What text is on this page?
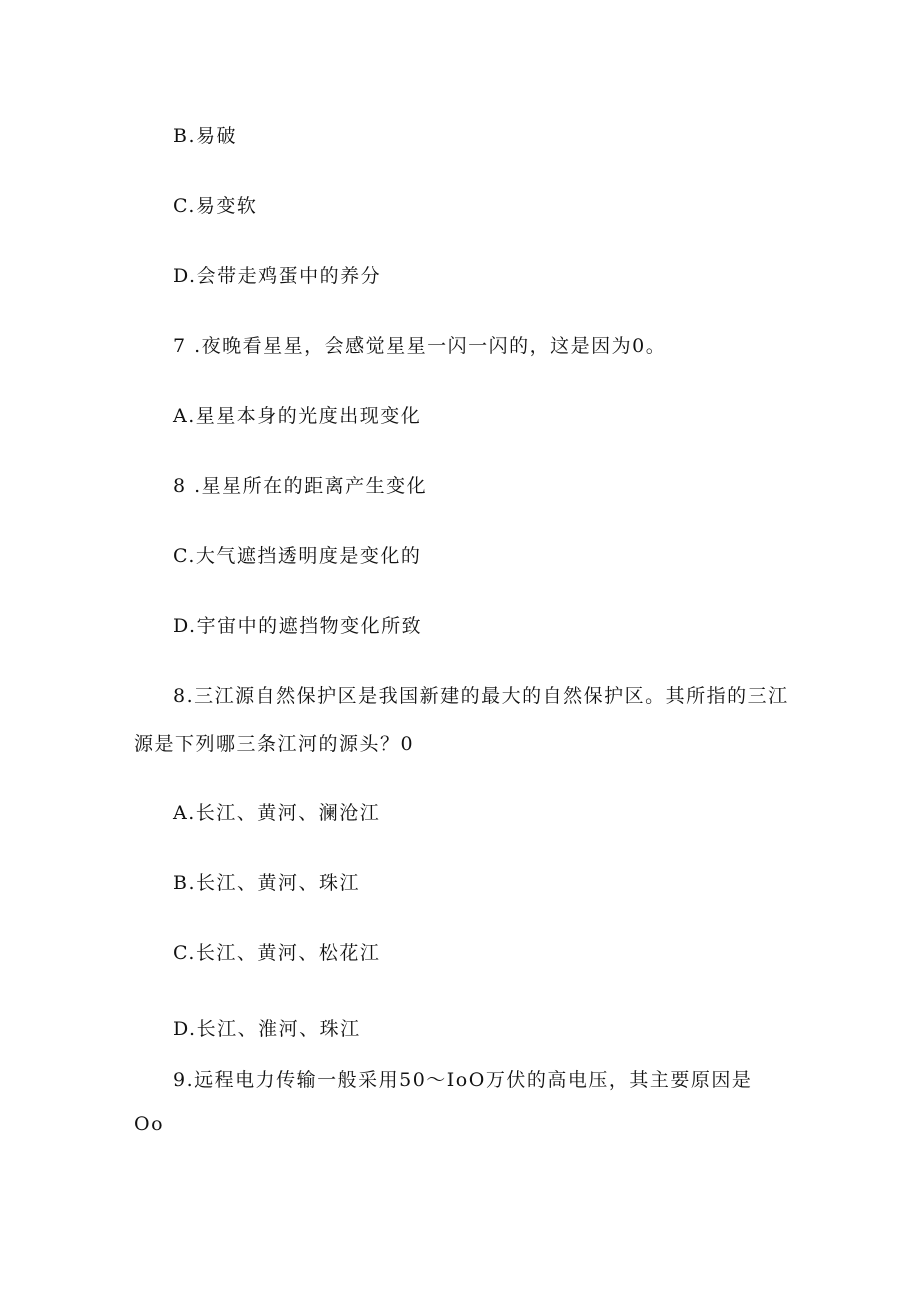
B.易破
C.易变软
D.会带走鸡蛋中的养分
7 .夜晚看星星，会感觉星星一闪一闪的，这是因为0。
A.星星本身的光度出现变化
8 .星星所在的距离产生变化
C.大气遮挡透明度是变化的
D.宇宙中的遮挡物变化所致
8.三江源自然保护区是我国新建的最大的自然保护区。其所指的三江
源是下列哪三条江河的源头？0
A.长江、黄河、澜沧江
B.长江、黄河、珠江
C.长江、黄河、松花江
D.长江、淮河、珠江
9.远程电力传输一般采用50～IoO万伏的高电压，其主要原因是
Oo
